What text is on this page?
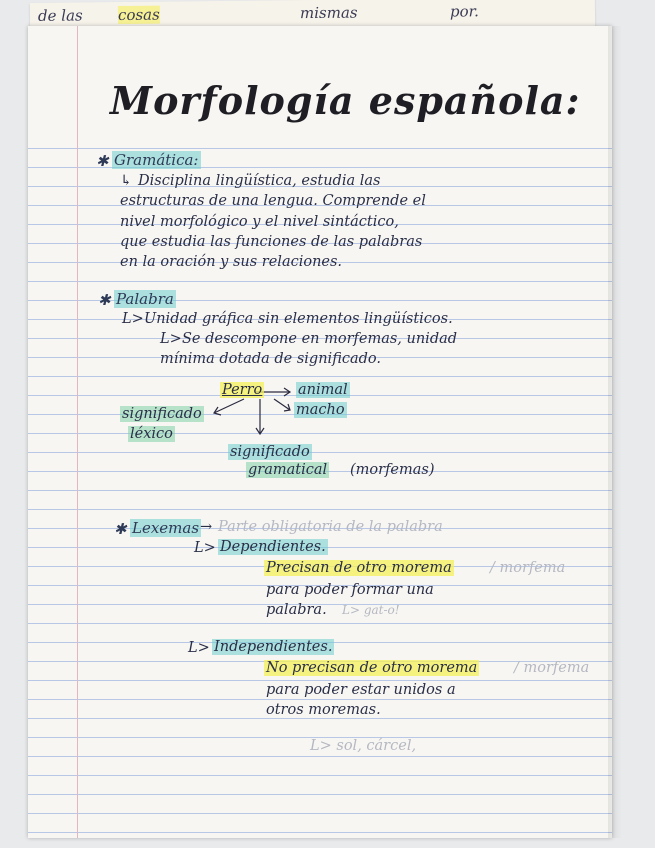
de las cosas	mismas	por.
Morfología española:
✱ Gramática:
↳ Disciplina lingüística, estudia las
estructuras de una lengua. Comprende el
nivel morfológico y el nivel sintáctico,
que estudia las funciones de las palabras
en la oración y sus relaciones.
✱ Palabra
L> Unidad gráfica sin elementos lingüísticos.
L> Se descompone en morfemas, unidad
mínima dotada de significado.
Perro animal
macho
significado
léxico
significado
gramatical (morfemas)
✱ Lexemas → Parte obligatoria de la palabra
L> Dependientes.
Precisan de otro morema	/ morfema
para poder formar una
palabra. L> gat-o!
L> Independientes.
No precisan de otro morema	/ morfema
para poder estar unidos a
otros moremas.
L> sol, cárcel,
